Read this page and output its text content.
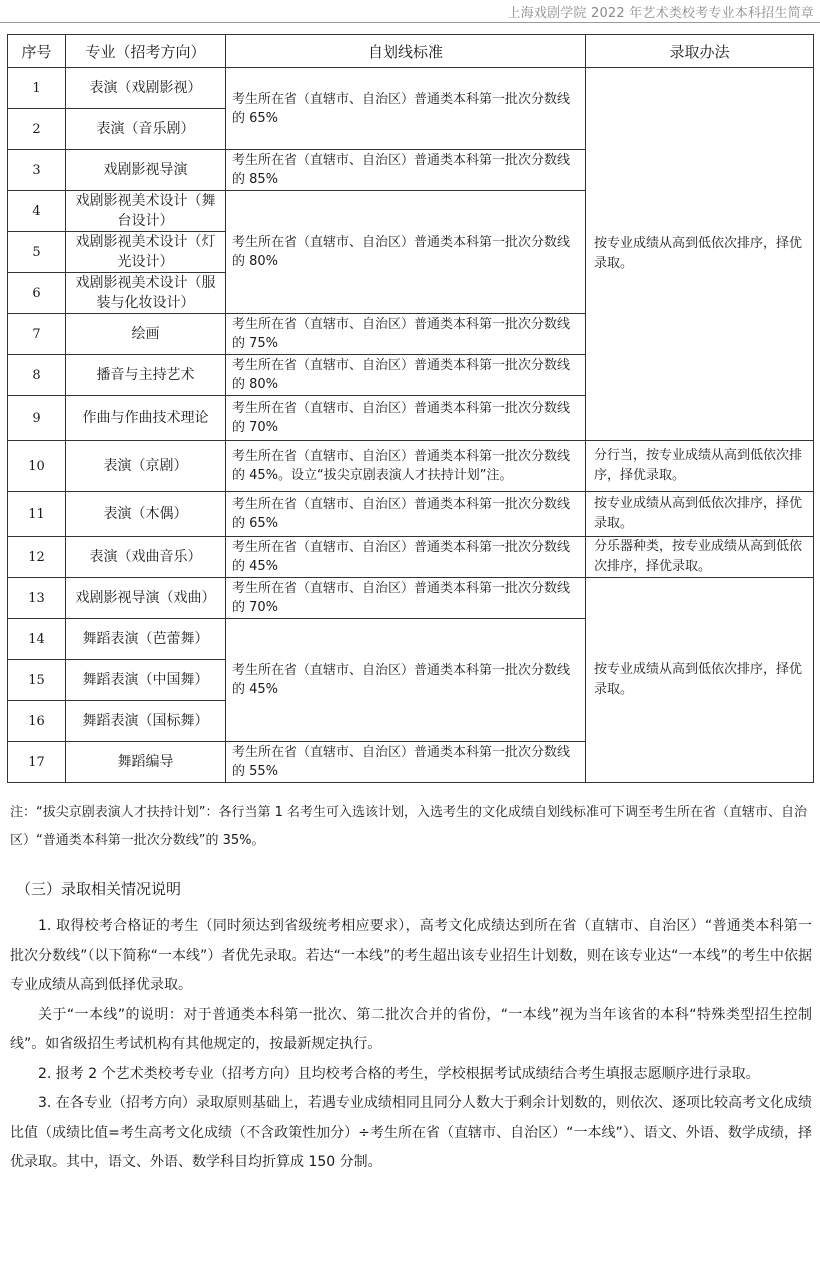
上海戏剧学院 2022 年艺术类校考专业本科招生简章
序号	专业（招考方向）	自划线标准	录取办法
1	表演（戏剧影视）	考生所在省（直辖市、自治区）普通类本科第一批次分数线的 65%	按专业成绩从高到低依次排序，择优录取。
2	表演（音乐剧）		
3	戏剧影视导演	考生所在省（直辖市、自治区）普通类本科第一批次分数线的 85%	
4	戏剧影视美术设计（舞台设计）	考生所在省（直辖市、自治区）普通类本科第一批次分数线的 80%	
5	戏剧影视美术设计（灯光设计）		
6	戏剧影视美术设计（服装与化妆设计）		
7	绘画	考生所在省（直辖市、自治区）普通类本科第一批次分数线的 75%	
8	播音与主持艺术	考生所在省（直辖市、自治区）普通类本科第一批次分数线的 80%	
9	作曲与作曲技术理论	考生所在省（直辖市、自治区）普通类本科第一批次分数线的 70%	
10	表演（京剧）	考生所在省（直辖市、自治区）普通类本科第一批次分数线的 45%。设立“拔尖京剧表演人才扶持计划”注。	分行当，按专业成绩从高到低依次排序，择优录取。
11	表演（木偶）	考生所在省（直辖市、自治区）普通类本科第一批次分数线的 65%	按专业成绩从高到低依次排序，择优录取。
12	表演（戏曲音乐）	考生所在省（直辖市、自治区）普通类本科第一批次分数线的 45%	分乐器种类，按专业成绩从高到低依次排序，择优录取。
13	戏剧影视导演（戏曲）	考生所在省（直辖市、自治区）普通类本科第一批次分数线的 70%	按专业成绩从高到低依次排序，择优录取。
14	舞蹈表演（芭蕾舞）	考生所在省（直辖市、自治区）普通类本科第一批次分数线的 45%	
15	舞蹈表演（中国舞）		
16	舞蹈表演（国标舞）		
17	舞蹈编导	考生所在省（直辖市、自治区）普通类本科第一批次分数线的 55%	
注：“拔尖京剧表演人才扶持计划”：各行当第 1 名考生可入选该计划，入选考生的文化成绩自划线标准可下调至考生所在省（直辖市、自治区）“普通类本科第一批次分数线”的 35%。
（三）录取相关情况说明

1. 取得校考合格证的考生（同时须达到省级统考相应要求），高考文化成绩达到所在省（直辖市、自治区）“普通类本科第一批次分数线”（以下简称“一本线”）者优先录取。若达“一本线”的考生超出该专业招生计划数，则在该专业达“一本线”的考生中依据专业成绩从高到低择优录取。

关于“一本线”的说明：对于普通类本科第一批次、第二批次合并的省份，“一本线”视为当年该省的本科“特殊类型招生控制线”。如省级招生考试机构有其他规定的，按最新规定执行。

2. 报考 2 个艺术类校考专业（招考方向）且均校考合格的考生，学校根据考试成绩结合考生填报志愿顺序进行录取。

3. 在各专业（招考方向）录取原则基础上，若遇专业成绩相同且同分人数大于剩余计划数的，则依次、逐项比较高考文化成绩比值（成绩比值=考生高考文化成绩（不含政策性加分）÷考生所在省（直辖市、自治区）“一本线”）、语文、外语、数学成绩，择优录取。其中，语文、外语、数学科目均折算成 150 分制。
